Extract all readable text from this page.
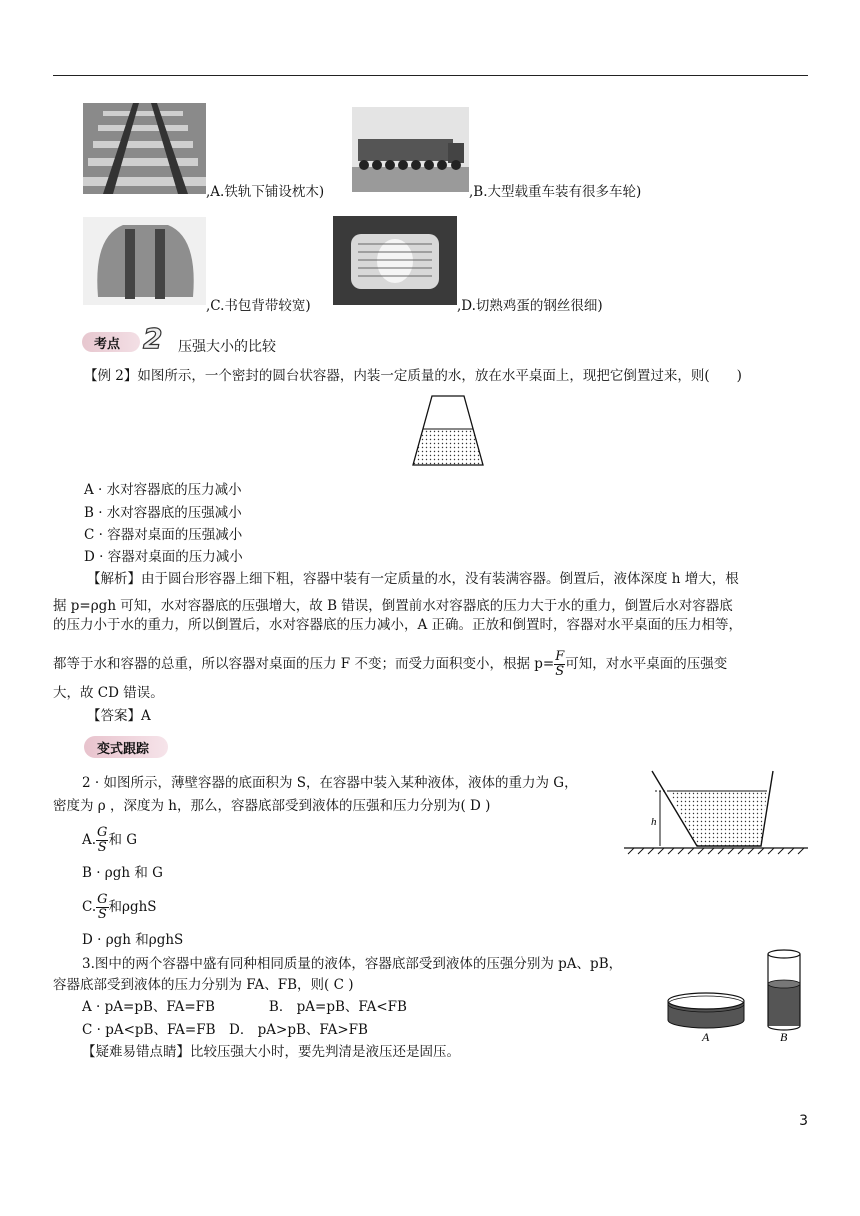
,A.铁轨下铺设枕木)	,B.大型载重车装有很多车轮)
,C.书包背带较宽)	,D.切熟鸡蛋的钢丝很细)
考点 2 压强大小的比较
【例 2】如图所示，一个密封的圆台状容器，内装一定质量的水，放在水平桌面上，现把它倒置过来，则(　　)
A · 水对容器底的压力减小
B · 水对容器底的压强减小
C · 容器对桌面的压强减小
D · 容器对桌面的压力减小
【解析】由于圆台形容器上细下粗，容器中装有一定质量的水，没有装满容器。倒置后，液体深度 h 增大，根
据 p=ρgh 可知，水对容器底的压强增大，故 B 错误，倒置前水对容器底的压力大于水的重力，倒置后水对容器底
的压力小于水的重力，所以倒置后，水对容器底的压力减小，A 正确。正放和倒置时，容器对水平桌面的压力相等，
都等于水和容器的总重，所以容器对桌面的压力 F 不变；而受力面积变小，根据 $p= \frac{F}{S}$ 可知，对水平桌面的压强变
大，故 CD 错误。
【答案】A
变式跟踪
2 · 如图所示，薄壁容器的底面积为 S，在容器中装入某种液体，液体的重力为 G，
密度为 ρ ，深度为 h，那么，容器底部受到液体的压强和压力分别为( D )
A. $\frac{G}{S}$ 和 G
B · ρgh 和 G
C. $\frac{G}{S}$ 和ρghS
D · ρgh 和ρghS
h
3.图中的两个容器中盛有同种相同质量的液体，容器底部受到液体的压强分别为 pA、pB，
容器底部受到液体的压力分别为 FA、FB，则( C )
A · pA=pB、FA=FB　　　　B． pA=pB、FA<FB
C · pA<pB、FA=FB　D． pA>pB、FA>FB
【疑难易错点睛】比较压强大小时，要先判清是液压还是固压。
A	B
3
